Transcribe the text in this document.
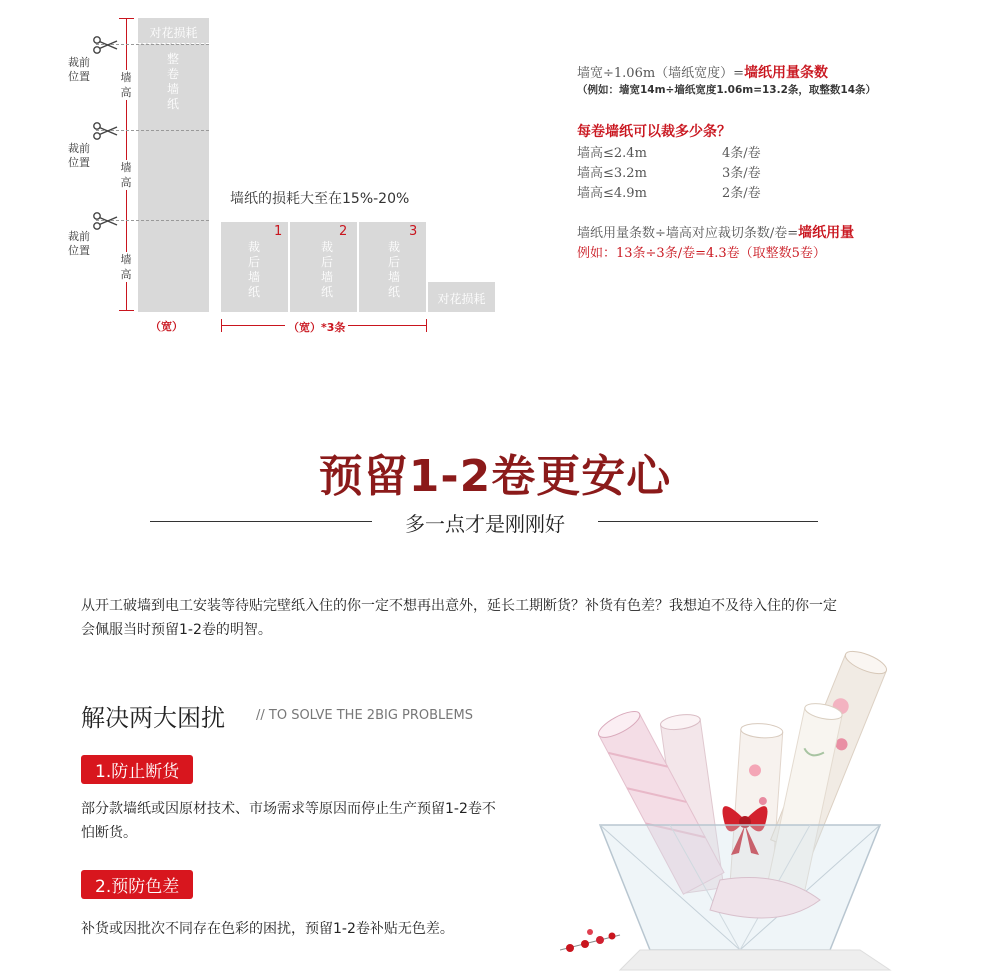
对花损耗
整卷墙纸
裁前位置
裁前位置
裁前位置
墙高
墙高
墙高
（宽）
墙纸的损耗大至在15%-20%
1	2	3
裁后墙纸
裁后墙纸
裁后墙纸	对花损耗
（宽）*3条
墙宽÷1.06m（墙纸宽度）=墙纸用量条数
（例如：墙宽14m÷墙纸宽度1.06m=13.2条，取整数14条）
每卷墙纸可以裁多少条？
墙高≤2.4m	4条/卷
墙高≤3.2m	3条/卷
墙高≤4.9m	2条/卷
墙纸用量条数÷墙高对应裁切条数/卷=墙纸用量
例如：13条÷3条/卷=4.3卷（取整数5卷）
预留1-2卷更安心
多一点才是刚刚好
从开工破墙到电工安装等待贴完壁纸入住的你一定不想再出意外，延长工期断货？补货有色差？我想迫不及待入住的你一定会佩服当时预留1-2卷的明智。
解决两大困扰 // TO SOLVE THE 2BIG PROBLEMS
1.防止断货
部分款墙纸或因原材技术、市场需求等原因而停止生产预留1-2卷不怕断货。
2.预防色差
补货或因批次不同存在色彩的困扰，预留1-2卷补贴无色差。
